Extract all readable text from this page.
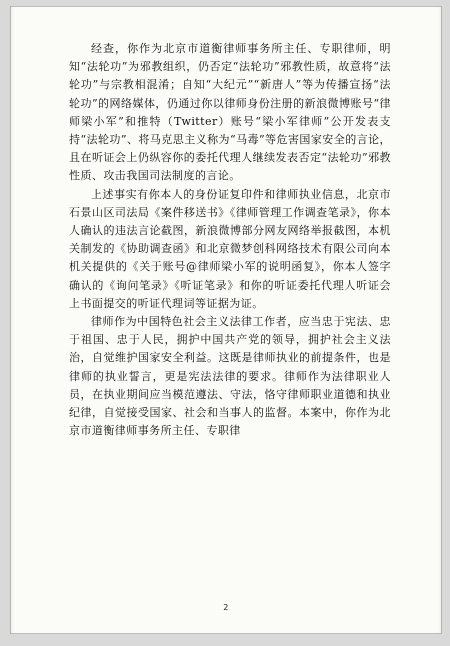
经查，你作为北京市道衡律师事务所主任、专职律师，明知“法轮功”为邪教组织，仍否定“法轮功”邪教性质，故意将“法轮功”与宗教相混淆；自知“大纪元”“新唐人”等为传播宣扬“法轮功”的网络媒体，仍通过你以律师身份注册的新浪微博账号“律师梁小军”和推特（Twitter）账号“梁小军律师”公开发表支持“法轮功”、将马克思主义称为“马毒”等危害国家安全的言论，且在听证会上仍纵容你的委托代理人继续发表否定“法轮功”邪教性质、攻击我国司法制度的言论。

上述事实有你本人的身份证复印件和律师执业信息，北京市石景山区司法局《案件移送书》《律师管理工作调查笔录》，你本人确认的违法言论截图，新浪微博部分网友网络举报截图，本机关制发的《协助调查函》和北京微梦创科网络技术有限公司向本机关提供的《关于账号@律师梁小军的说明函复》，你本人签字确认的《询问笔录》《听证笔录》和你的听证委托代理人听证会上书面提交的听证代理词等证据为证。

律师作为中国特色社会主义法律工作者，应当忠于宪法、忠于祖国、忠于人民，拥护中国共产党的领导，拥护社会主义法治，自觉维护国家安全利益。这既是律师执业的前提条件，也是律师的执业誓言，更是宪法法律的要求。律师作为法律职业人员，在执业期间应当模范遵法、守法，恪守律师职业道德和执业纪律，自觉接受国家、社会和当事人的监督。本案中，你作为北京市道衡律师事务所主任、专职律

2
